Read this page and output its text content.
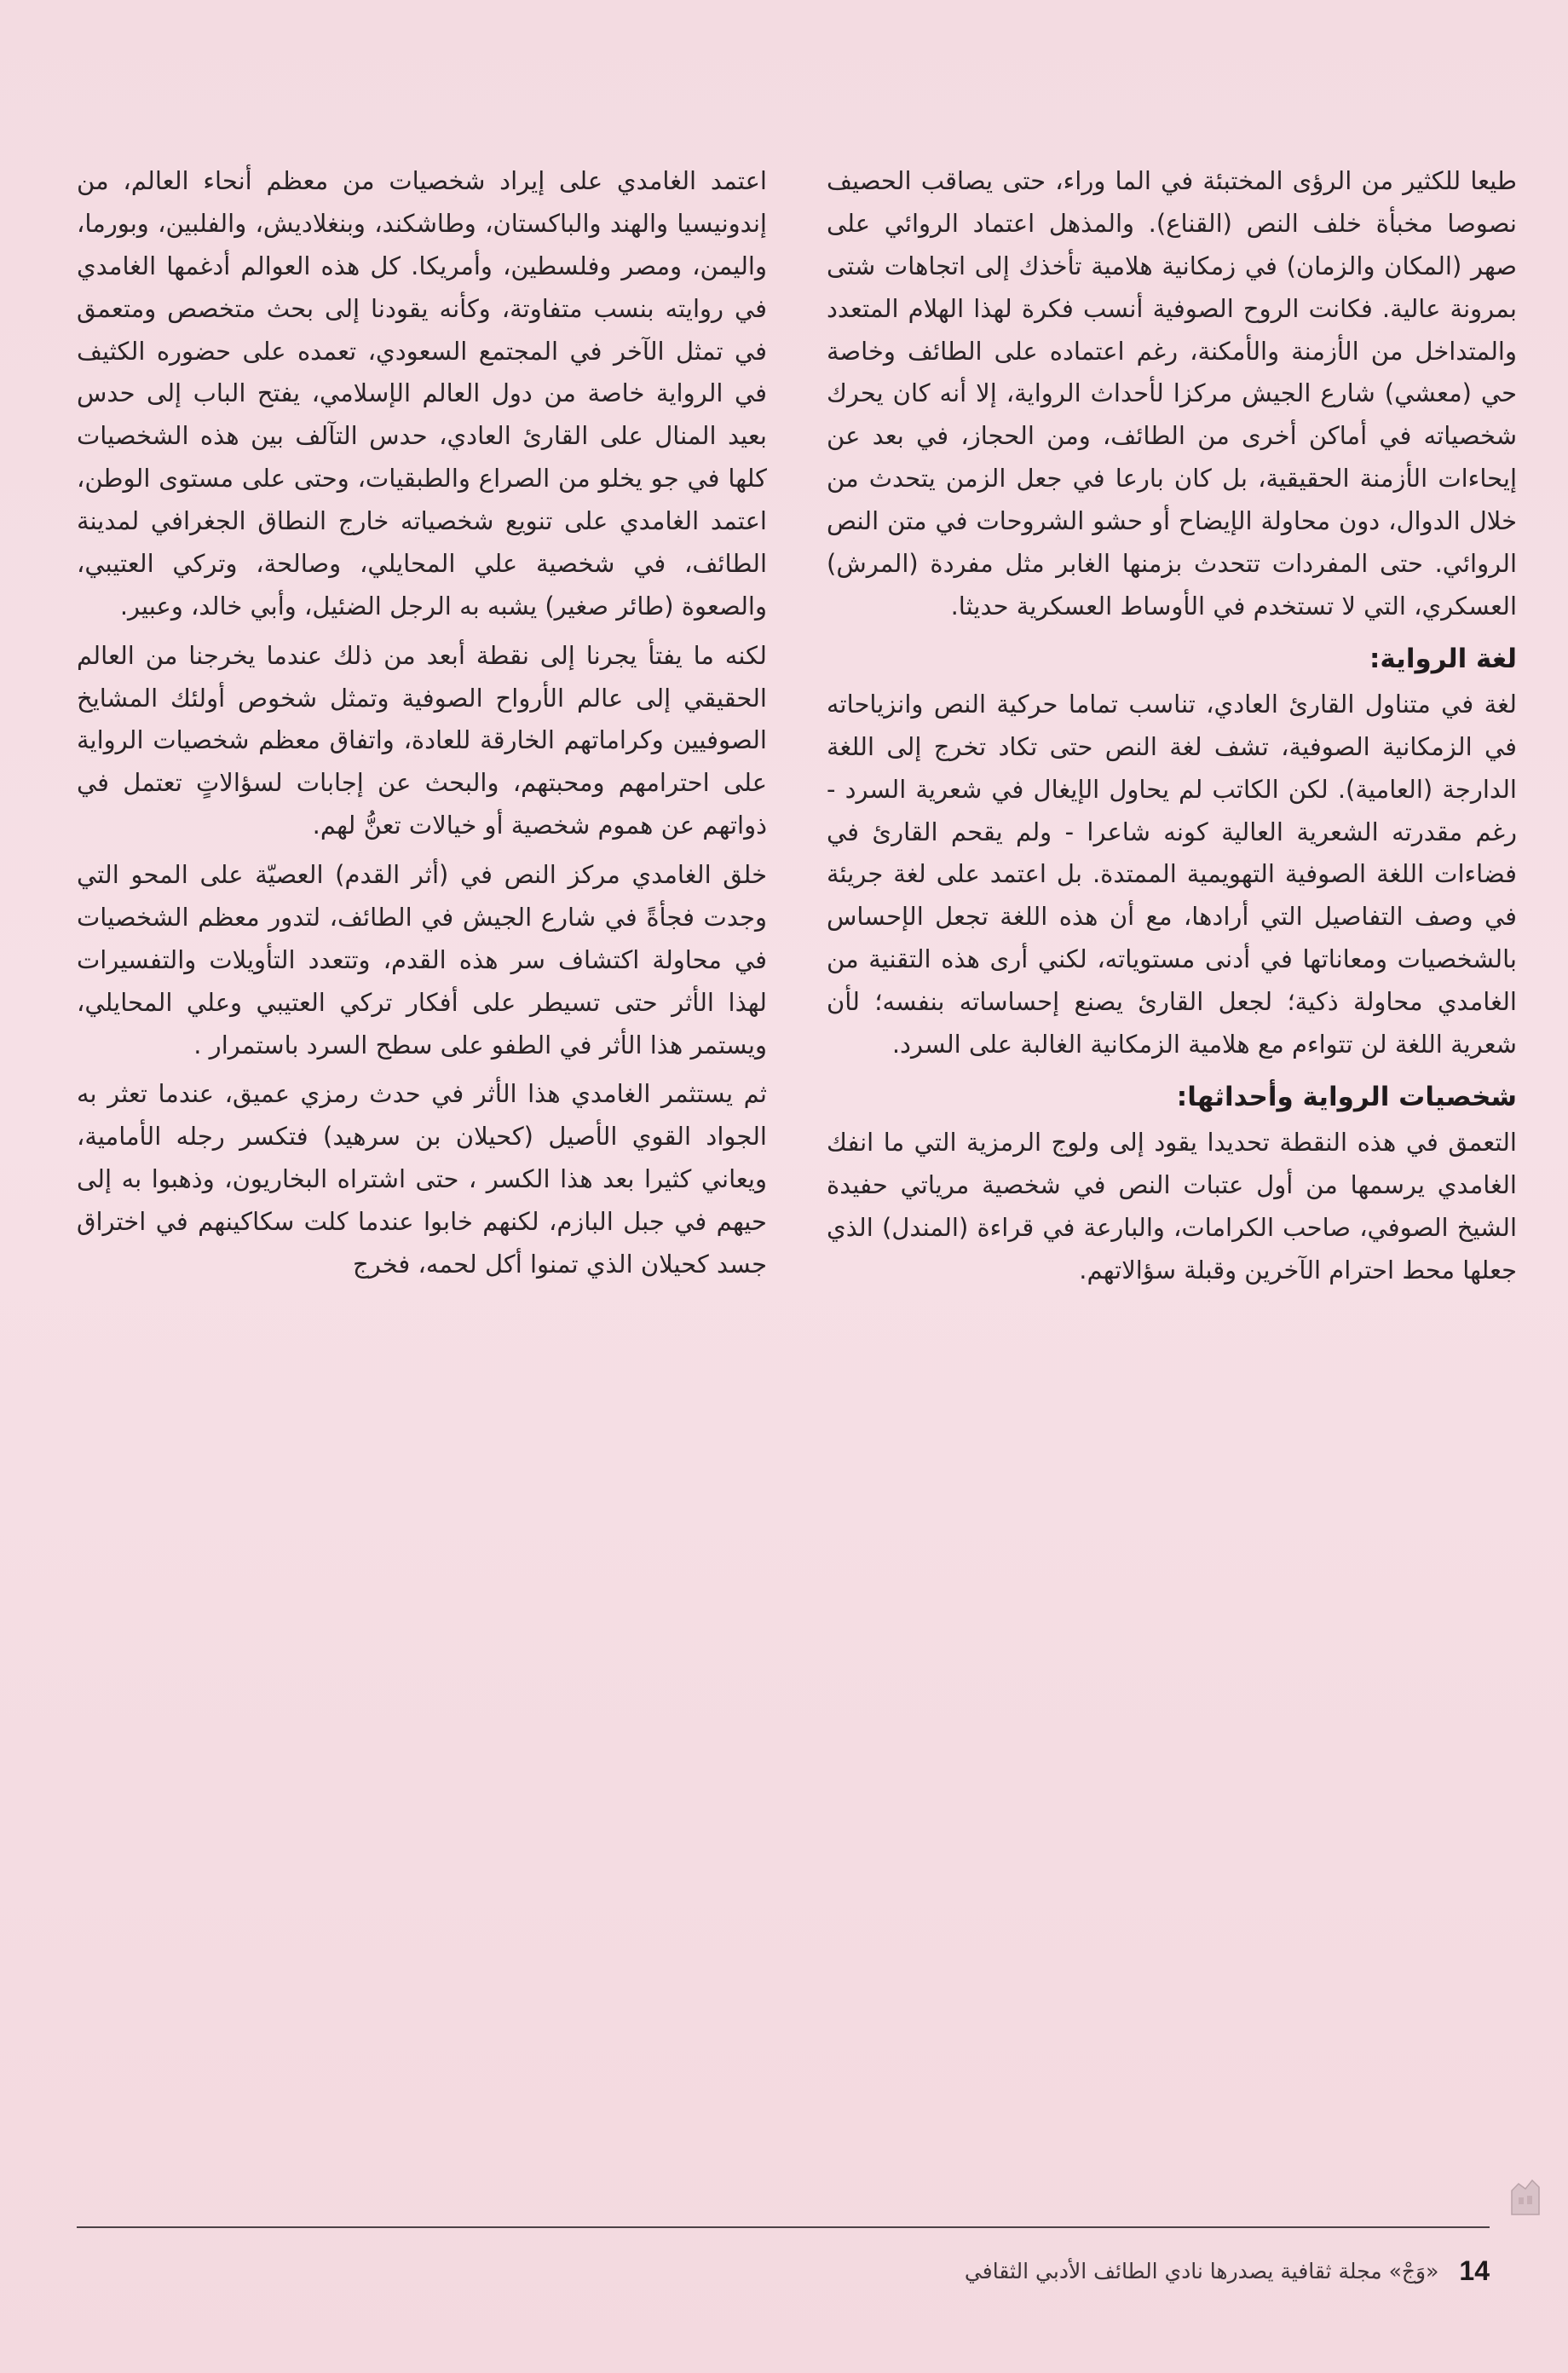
طيعا للكثير من الرؤى المختبئة في الما وراء، حتى يصاقب الحصيف نصوصا مخبأة خلف النص (القناع). والمذهل اعتماد الروائي على صهر (المكان والزمان) في زمكانية هلامية تأخذك إلى اتجاهات شتى بمرونة عالية. فكانت الروح الصوفية أنسب فكرة لهذا الهلام المتعدد والمتداخل من الأزمنة والأمكنة، رغم اعتماده على الطائف وخاصة حي (معشي) شارع الجيش مركزا لأحداث الرواية، إلا أنه كان يحرك شخصياته في أماكن أخرى من الطائف، ومن الحجاز، في بعد عن إيحاءات الأزمنة الحقيقية، بل كان بارعا في جعل الزمن يتحدث من خلال الدوال، دون محاولة الإيضاح أو حشو الشروحات في متن النص الروائي. حتى المفردات تتحدث بزمنها الغابر مثل مفردة (المرش) العسكري، التي لا تستخدم في الأوساط العسكرية حديثا.

لغة الرواية:

لغة في متناول القارئ العادي، تناسب تماما حركية النص وانزياحاته في الزمكانية الصوفية، تشف لغة النص حتى تكاد تخرج إلى اللغة الدارجة (العامية). لكن الكاتب لم يحاول الإيغال في شعرية السرد - رغم مقدرته الشعرية العالية كونه شاعرا - ولم يقحم القارئ في فضاءات اللغة الصوفية التهويمية الممتدة. بل اعتمد على لغة جريئة في وصف التفاصيل التي أرادها، مع أن هذه اللغة تجعل الإحساس بالشخصيات ومعاناتها في أدنى مستوياته، لكني أرى هذه التقنية من الغامدي محاولة ذكية؛ لجعل القارئ يصنع إحساساته بنفسه؛ لأن شعرية اللغة لن تتواءم مع هلامية الزمكانية الغالبة على السرد.

شخصيات الرواية وأحداثها:

التعمق في هذه النقطة تحديدا يقود إلى ولوج الرمزية التي ما انفك الغامدي يرسمها من أول عتبات النص في شخصية مرياتي حفيدة الشيخ الصوفي، صاحب الكرامات، والبارعة في قراءة (المندل) الذي جعلها محط احترام الآخرين وقبلة سؤالاتهم.

اعتمد الغامدي على إيراد شخصيات من معظم أنحاء العالم، من إندونيسيا والهند والباكستان، وطاشكند، وبنغلاديش، والفلبين، وبورما، واليمن، ومصر وفلسطين، وأمريكا. كل هذه العوالم أدغمها الغامدي في روايته بنسب متفاوتة، وكأنه يقودنا إلى بحث متخصص ومتعمق في تمثل الآخر في المجتمع السعودي، تعمده على حضوره الكثيف في الرواية خاصة من دول العالم الإسلامي، يفتح الباب إلى حدس بعيد المنال على القارئ العادي، حدس التآلف بين هذه الشخصيات كلها في جو يخلو من الصراع والطبقيات، وحتى على مستوى الوطن، اعتمد الغامدي على تنويع شخصياته خارج النطاق الجغرافي لمدينة الطائف، في شخصية علي المحايلي، وصالحة، وتركي العتيبي، والصعوة (طائر صغير) يشبه به الرجل الضئيل، وأبي خالد، وعبير.

لكنه ما يفتأ يجرنا إلى نقطة أبعد من ذلك عندما يخرجنا من العالم الحقيقي إلى عالم الأرواح الصوفية وتمثل شخوص أولئك المشايخ الصوفيين وكراماتهم الخارقة للعادة، واتفاق معظم شخصيات الرواية على احترامهم ومحبتهم، والبحث عن إجابات لسؤالاتٍ تعتمل في ذواتهم عن هموم شخصية أو خيالات تعنُّ لهم.

خلق الغامدي مركز النص في (أثر القدم) العصيّة على المحو التي وجدت فجأةً في شارع الجيش في الطائف، لتدور معظم الشخصيات في محاولة اكتشاف سر هذه القدم، وتتعدد التأويلات والتفسيرات لهذا الأثر حتى تسيطر على أفكار تركي العتيبي وعلي المحايلي، ويستمر هذا الأثر في الطفو على سطح السرد باستمرار .

ثم يستثمر الغامدي هذا الأثر في حدث رمزي عميق، عندما تعثر به الجواد القوي الأصيل (كحيلان بن سرهيد) فتكسر رجله الأمامية، ويعاني كثيرا بعد هذا الكسر ، حتى اشتراه البخاريون، وذهبوا به إلى حيهم في جبل البازم، لكنهم خابوا عندما كلت سكاكينهم في اختراق جسد كحيلان الذي تمنوا أكل لحمه، فخرج

14
«وَجْ» مجلة ثقافية يصدرها نادي الطائف الأدبي الثقافي
